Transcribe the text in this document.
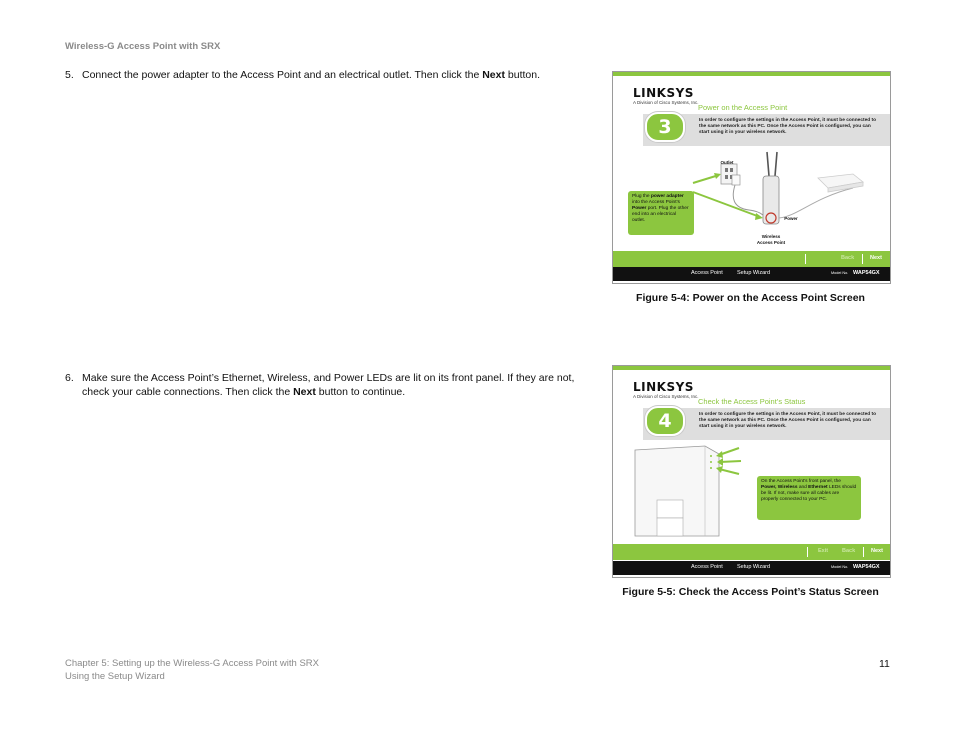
Wireless-G Access Point with SRX
5. Connect the power adapter to the Access Point and an electrical outlet. Then click the Next button.
LINKSYS
A Division of Cisco Systems, Inc.
Power on the Access Point
3	In order to configure the settings in the Access Point, it must be connected to the same network as this PC. Once the Access Point is configured, you can start using it in your wireless network.
Outlet
Power
Wireless
Access Point
Plug the power adapter into the Access Point’s Power port. Plug the other end into an electrical outlet.
Back	Next
Access Point	Setup Wizard	Model No. WAP54GX
Figure 5-4: Power on the Access Point Screen
6. Make sure the Access Point’s Ethernet, Wireless, and Power LEDs are lit on its front panel. If they are not,
check your cable connections. Then click the Next button to continue.	LINKSYS
A Division of Cisco Systems, Inc.
Check the Access Point’s Status
4	In order to configure the settings in the Access Point, it must be connected to the same network as this PC. Once the Access Point is configured, you can start using it in your wireless network.
On the Access Point’s front panel, the Power, Wireless and Ethernet LEDs should be lit. If not, make sure all cables are properly connected to your PC.
Exit	Back	Next
Access Point	Setup Wizard	Model No. WAP54GX
Figure 5-5: Check the Access Point’s Status Screen
Chapter 5: Setting up the Wireless-G Access Point with SRX
Using the Setup Wizard
11
